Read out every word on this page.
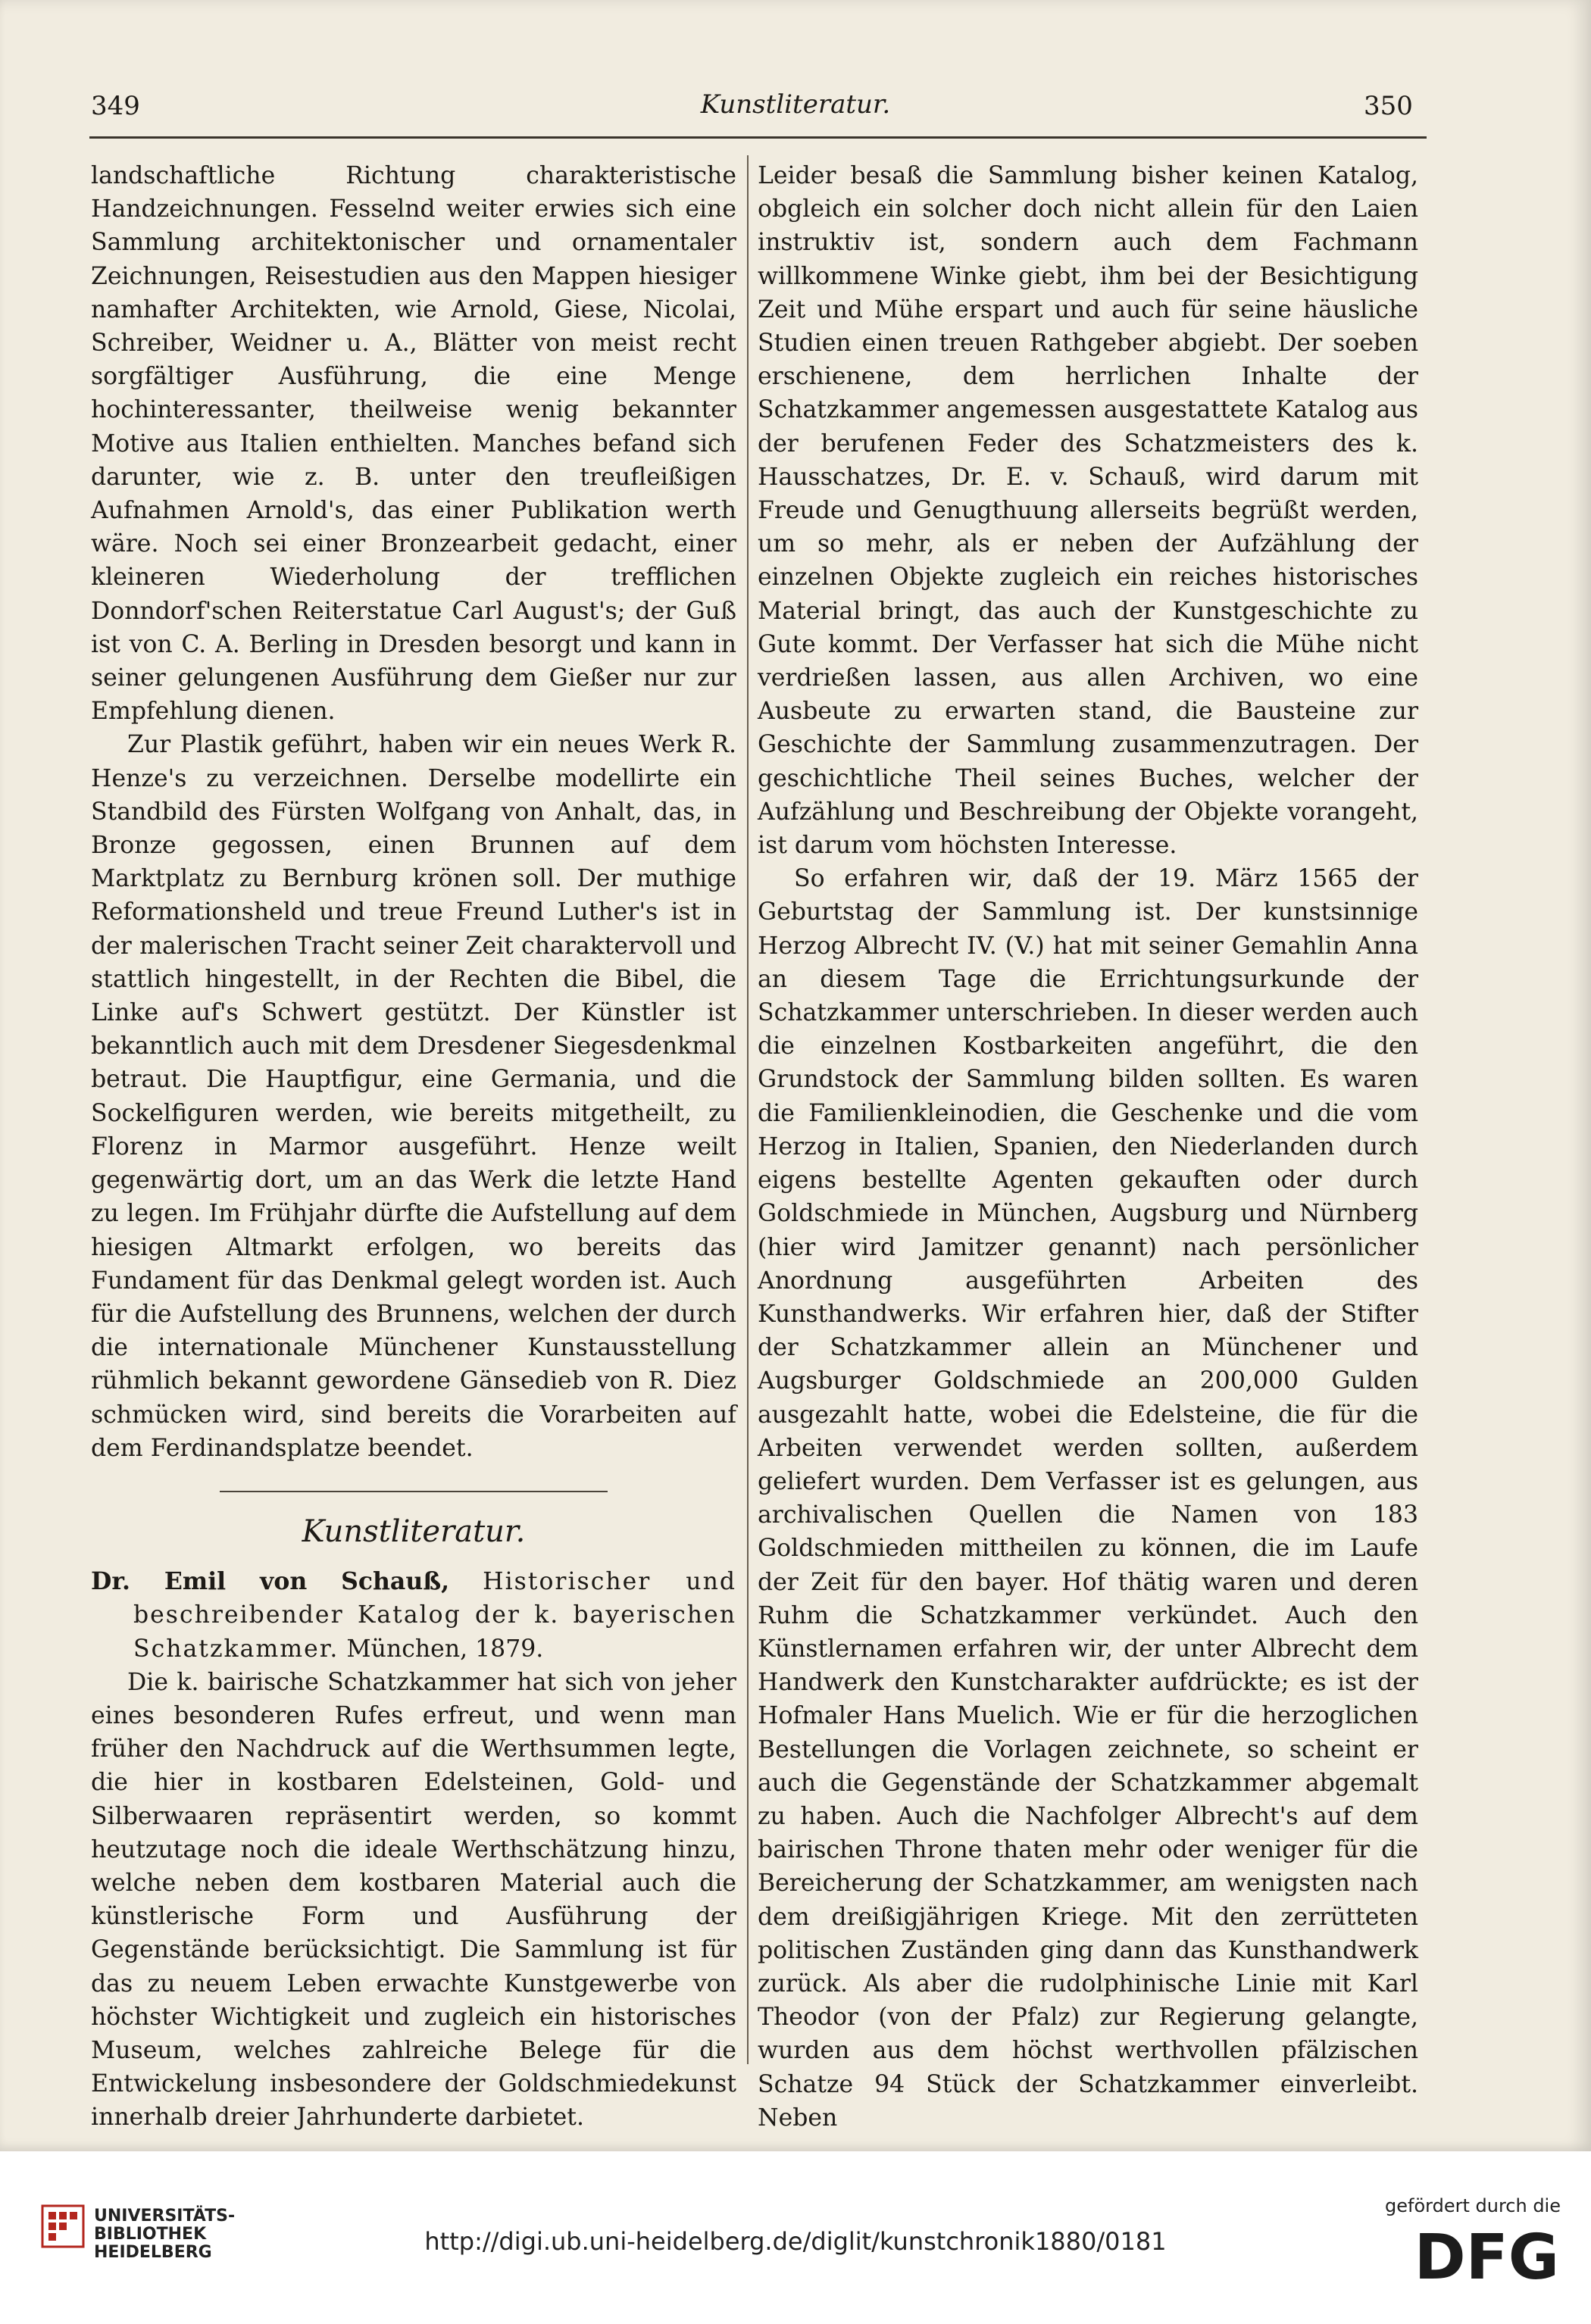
349	Kunstliteratur.	350

landschaftliche Richtung charakteristische Handzeichnungen. Fesselnd weiter erwies sich eine Sammlung architektonischer und ornamentaler Zeichnungen, Reisestudien aus den Mappen hiesiger namhafter Architekten, wie Arnold, Giese, Nicolai, Schreiber, Weidner u. A., Blätter von meist recht sorgfältiger Ausführung, die eine Menge hochinteressanter, theilweise wenig bekannter Motive aus Italien enthielten. Manches befand sich darunter, wie z. B. unter den treufleißigen Aufnahmen Arnold's, das einer Publikation werth wäre. Noch sei einer Bronzearbeit gedacht, einer kleineren Wiederholung der trefflichen Donndorf'schen Reiterstatue Carl August's; der Guß ist von C. A. Berling in Dresden besorgt und kann in seiner gelungenen Ausführung dem Gießer nur zur Empfehlung dienen.

Zur Plastik geführt, haben wir ein neues Werk R. Henze's zu verzeichnen. Derselbe modellirte ein Standbild des Fürsten Wolfgang von Anhalt, das, in Bronze gegossen, einen Brunnen auf dem Marktplatz zu Bernburg krönen soll. Der muthige Reformationsheld und treue Freund Luther's ist in der malerischen Tracht seiner Zeit charaktervoll und stattlich hingestellt, in der Rechten die Bibel, die Linke auf's Schwert gestützt. Der Künstler ist bekanntlich auch mit dem Dresdener Siegesdenkmal betraut. Die Hauptfigur, eine Germania, und die Sockelfiguren werden, wie bereits mitgetheilt, zu Florenz in Marmor ausgeführt. Henze weilt gegenwärtig dort, um an das Werk die letzte Hand zu legen. Im Frühjahr dürfte die Aufstellung auf dem hiesigen Altmarkt erfolgen, wo bereits das Fundament für das Denkmal gelegt worden ist. Auch für die Aufstellung des Brunnens, welchen der durch die internationale Münchener Kunstausstellung rühmlich bekannt gewordene Gänsedieb von R. Diez schmücken wird, sind bereits die Vorarbeiten auf dem Ferdinandsplatze beendet.

Kunstliteratur.

Dr. Emil von Schauß, Historischer und beschreibender Katalog der k. bayerischen Schatzkammer. München, 1879.

Die k. bairische Schatzkammer hat sich von jeher eines besonderen Rufes erfreut, und wenn man früher den Nachdruck auf die Werthsummen legte, die hier in kostbaren Edelsteinen, Gold- und Silberwaaren repräsentirt werden, so kommt heutzutage noch die ideale Werthschätzung hinzu, welche neben dem kostbaren Material auch die künstlerische Form und Ausführung der Gegenstände berücksichtigt. Die Sammlung ist für das zu neuem Leben erwachte Kunstgewerbe von höchster Wichtigkeit und zugleich ein historisches Museum, welches zahlreiche Belege für die Entwickelung insbesondere der Goldschmiedekunst innerhalb dreier Jahrhunderte darbietet.

Leider besaß die Sammlung bisher keinen Katalog, obgleich ein solcher doch nicht allein für den Laien instruktiv ist, sondern auch dem Fachmann willkommene Winke giebt, ihm bei der Besichtigung Zeit und Mühe erspart und auch für seine häusliche Studien einen treuen Rathgeber abgiebt. Der soeben erschienene, dem herrlichen Inhalte der Schatzkammer angemessen ausgestattete Katalog aus der berufenen Feder des Schatzmeisters des k. Hausschatzes, Dr. E. v. Schauß, wird darum mit Freude und Genugthuung allerseits begrüßt werden, um so mehr, als er neben der Aufzählung der einzelnen Objekte zugleich ein reiches historisches Material bringt, das auch der Kunstgeschichte zu Gute kommt. Der Verfasser hat sich die Mühe nicht verdrießen lassen, aus allen Archiven, wo eine Ausbeute zu erwarten stand, die Bausteine zur Geschichte der Sammlung zusammenzutragen. Der geschichtliche Theil seines Buches, welcher der Aufzählung und Beschreibung der Objekte vorangeht, ist darum vom höchsten Interesse.

So erfahren wir, daß der 19. März 1565 der Geburtstag der Sammlung ist. Der kunstsinnige Herzog Albrecht IV. (V.) hat mit seiner Gemahlin Anna an diesem Tage die Errichtungsurkunde der Schatzkammer unterschrieben. In dieser werden auch die einzelnen Kostbarkeiten angeführt, die den Grundstock der Sammlung bilden sollten. Es waren die Familienkleinodien, die Geschenke und die vom Herzog in Italien, Spanien, den Niederlanden durch eigens bestellte Agenten gekauften oder durch Goldschmiede in München, Augsburg und Nürnberg (hier wird Jamitzer genannt) nach persönlicher Anordnung ausgeführten Arbeiten des Kunsthandwerks. Wir erfahren hier, daß der Stifter der Schatzkammer allein an Münchener und Augsburger Goldschmiede an 200,000 Gulden ausgezahlt hatte, wobei die Edelsteine, die für die Arbeiten verwendet werden sollten, außerdem geliefert wurden. Dem Verfasser ist es gelungen, aus archivalischen Quellen die Namen von 183 Goldschmieden mittheilen zu können, die im Laufe der Zeit für den bayer. Hof thätig waren und deren Ruhm die Schatzkammer verkündet. Auch den Künstlernamen erfahren wir, der unter Albrecht dem Handwerk den Kunstcharakter aufdrückte; es ist der Hofmaler Hans Muelich. Wie er für die herzoglichen Bestellungen die Vorlagen zeichnete, so scheint er auch die Gegenstände der Schatzkammer abgemalt zu haben. Auch die Nachfolger Albrecht's auf dem bairischen Throne thaten mehr oder weniger für die Bereicherung der Schatzkammer, am wenigsten nach dem dreißigjährigen Kriege. Mit den zerrütteten politischen Zuständen ging dann das Kunsthandwerk zurück. Als aber die rudolphinische Linie mit Karl Theodor (von der Pfalz) zur Regierung gelangte, wurden aus dem höchst werthvollen pfälzischen Schatze 94 Stück der Schatzkammer einverleibt. Neben

UNIVERSITÄTS-
BIBLIOTHEK
HEIDELBERG	http://digi.ub.uni-heidelberg.de/diglit/kunstchronik1880/0181
gefördert durch die
DFG
